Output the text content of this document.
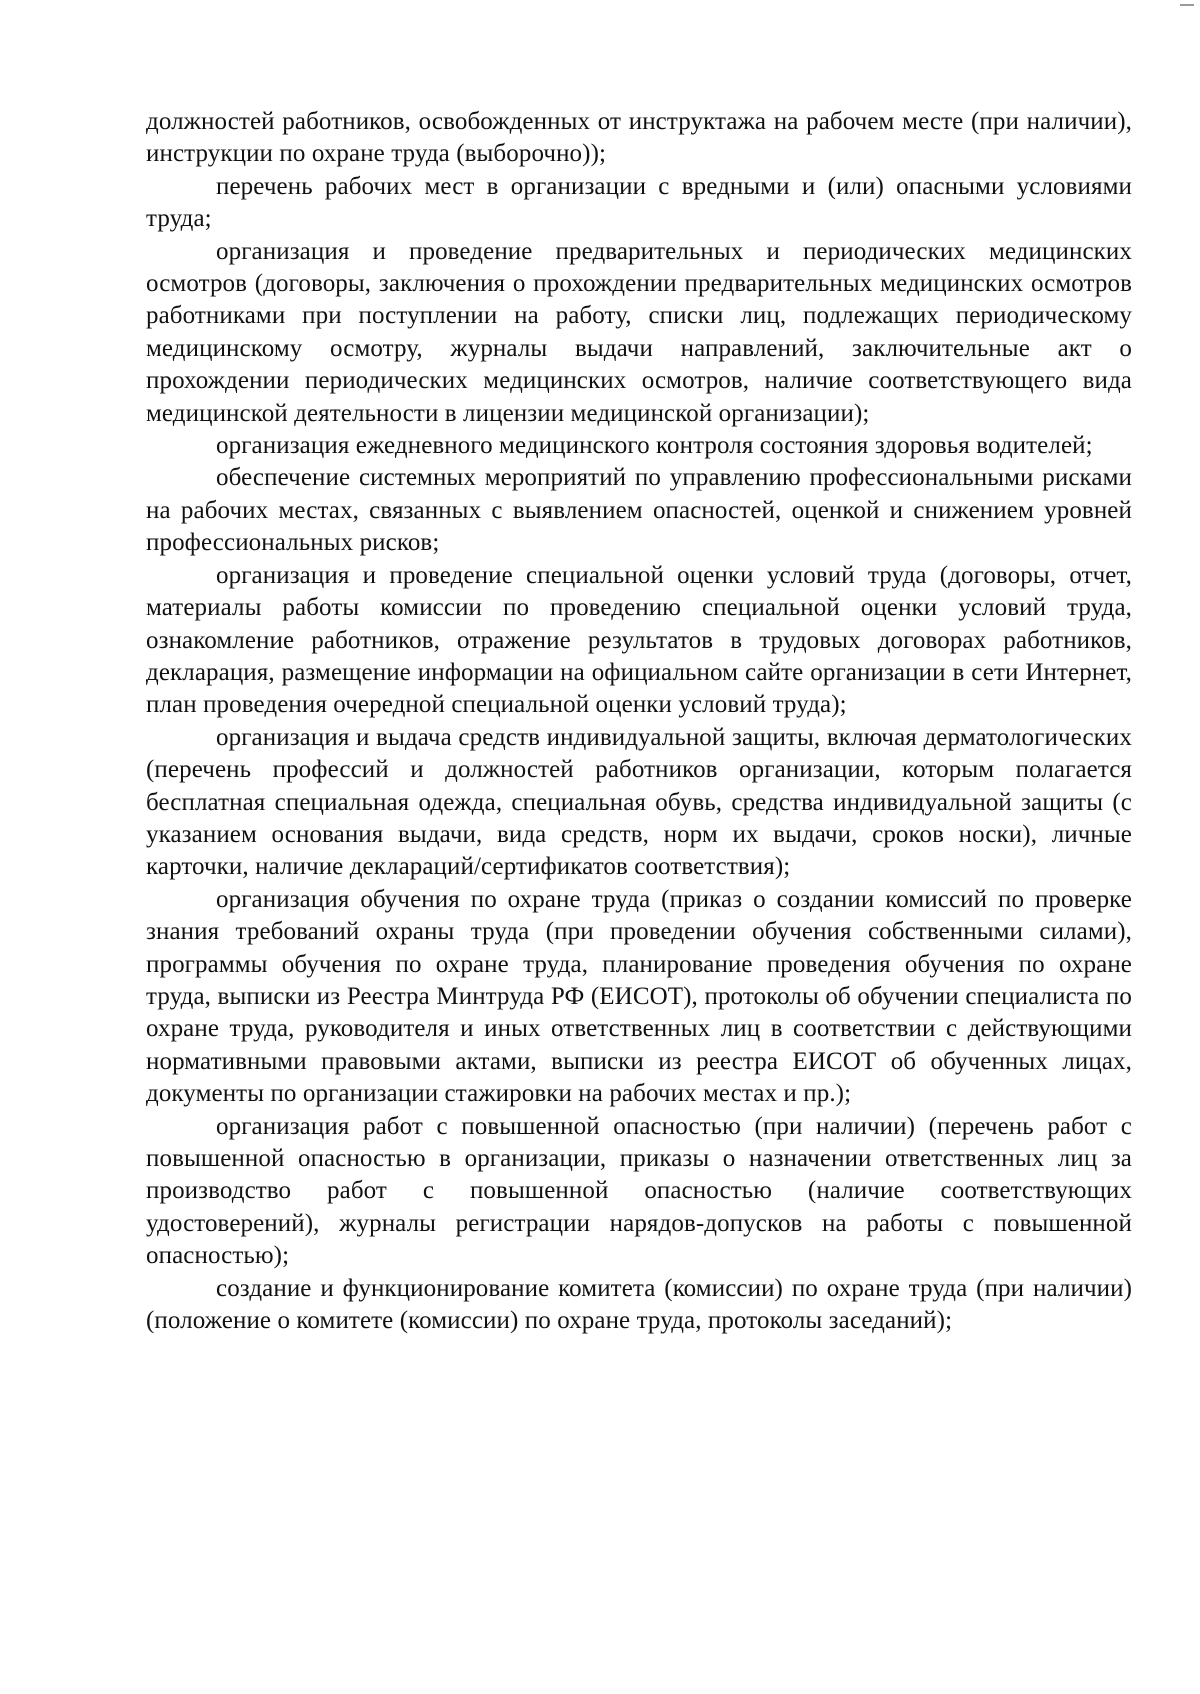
должностей работников, освобожденных от инструктажа на рабочем месте (при наличии), инструкции по охране труда (выборочно));

перечень рабочих мест в организации с вредными и (или) опасными условиями труда;

организация и проведение предварительных и периодических медицинских осмотров (договоры, заключения о прохождении предварительных медицинских осмотров работниками при поступлении на работу, списки лиц, подлежащих периодическому медицинскому осмотру, журналы выдачи направлений, заключительные акт о прохождении периодических медицинских осмотров, наличие соответствующего вида медицинской деятельности в лицензии медицинской организации);

организация ежедневного медицинского контроля состояния здоровья водителей;

обеспечение системных мероприятий по управлению профессиональными рисками на рабочих местах, связанных с выявлением опасностей, оценкой и снижением уровней профессиональных рисков;

организация и проведение специальной оценки условий труда (договоры, отчет, материалы работы комиссии по проведению специальной оценки условий труда, ознакомление работников, отражение результатов в трудовых договорах работников, декларация, размещение информации на официальном сайте организации в сети Интернет, план проведения очередной специальной оценки условий труда);

организация и выдача средств индивидуальной защиты, включая дерматологических (перечень профессий и должностей работников организации, которым полагается бесплатная специальная одежда, специальная обувь, средства индивидуальной защиты (с указанием основания выдачи, вида средств, норм их выдачи, сроков носки), личные карточки, наличие деклараций/сертификатов соответствия);

организация обучения по охране труда (приказ о создании комиссий по проверке знания требований охраны труда (при проведении обучения собственными силами), программы обучения по охране труда, планирование проведения обучения по охране труда, выписки из Реестра Минтруда РФ (ЕИСОТ), протоколы об обучении специалиста по охране труда, руководителя и иных ответственных лиц в соответствии с действующими нормативными правовыми актами, выписки из реестра ЕИСОТ об обученных лицах, документы по организации стажировки на рабочих местах и пр.);

организация работ с повышенной опасностью (при наличии) (перечень работ с повышенной опасностью в организации, приказы о назначении ответственных лиц за производство работ с повышенной опасностью (наличие соответствующих удостоверений), журналы регистрации нарядов-допусков на работы с повышенной опасностью);

создание и функционирование комитета (комиссии) по охране труда (при наличии) (положение о комитете (комиссии) по охране труда, протоколы заседаний);
